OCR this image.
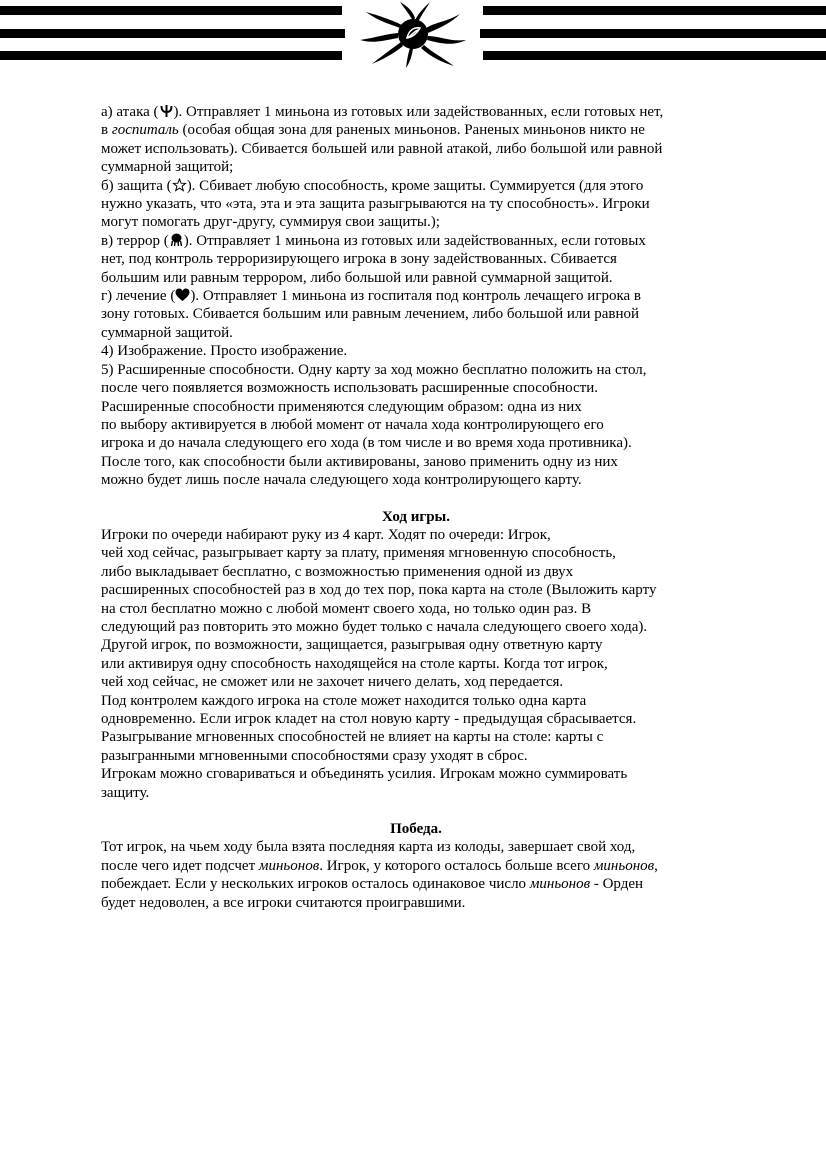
а) атака ( ). Отправляет 1 миньона из готовых или задействованных, если готовых нет,

в госпиталь (особая общая зона для раненых миньонов. Раненых миньонов никто не

может использовать). Сбивается большей или равной атакой, либо большой или равной

суммарной защитой;

б) защита ( ). Сбивает любую способность, кроме защиты. Суммируется (для этого

нужно указать, что «эта, эта и эта защита разыгрываются на ту способность». Игроки

могут помогать друг-другу, суммируя свои защиты.);

в) террор ( ). Отправляет 1 миньона из готовых или задействованных, если готовых

нет, под контроль терроризирующего игрока в зону задействованных. Сбивается

большим или равным террором, либо большой или равной суммарной защитой.

г) лечение ( ). Отправляет 1 миньона из госпиталя под контроль лечащего игрока в

зону готовых. Сбивается большим или равным лечением, либо большой или равной

суммарной защитой.

4) Изображение. Просто изображение.

5) Расширенные способности. Одну карту за ход можно бесплатно положить на стол,

после чего появляется возможность использовать расширенные способности.

Расширенные способности применяются следующим образом: одна из них

по выбору активируется в любой момент от начала хода контролирующего его

игрока и до начала следующего его хода (в том числе и во время хода противника).

После того, как способности были активированы, заново применить одну из них

можно будет лишь после начала следующего хода контролирующего карту.

Ход игры.

Игроки по очереди набирают руку из 4 карт. Ходят по очереди: Игрок,

чей ход сейчас, разыгрывает карту за плату, применяя мгновенную способность,

либо выкладывает бесплатно, с возможностью применения одной из двух

расширенных способностей раз в ход до тех пор, пока карта на столе (Выложить карту

на стол бесплатно можно с любой момент своего хода, но только один раз. В

следующий раз повторить это можно будет только с начала следующего своего хода).

Другой игрок, по возможности, защищается, разыгрывая одну ответную карту

или активируя одну способность находящейся на столе карты. Когда тот игрок,

чей ход сейчас, не сможет или не захочет ничего делать, ход передается.

Под контролем каждого игрока на столе может находится только одна карта

одновременно. Если игрок кладет на стол новую карту - предыдущая сбрасывается.

Разыгрывание мгновенных способностей не влияет на карты на столе: карты с

разыгранными мгновенными способностями сразу уходят в сброс.

Игрокам можно сговариваться и объединять усилия. Игрокам можно суммировать

защиту.

Победа.

Тот игрок, на чьем ходу была взята последняя карта из колоды, завершает свой ход,

после чего идет подсчет миньонов. Игрок, у которого осталось больше всего миньонов,

побеждает. Если у нескольких игроков осталось одинаковое число миньонов - Орден

будет недоволен, а все игроки считаются проигравшими.
